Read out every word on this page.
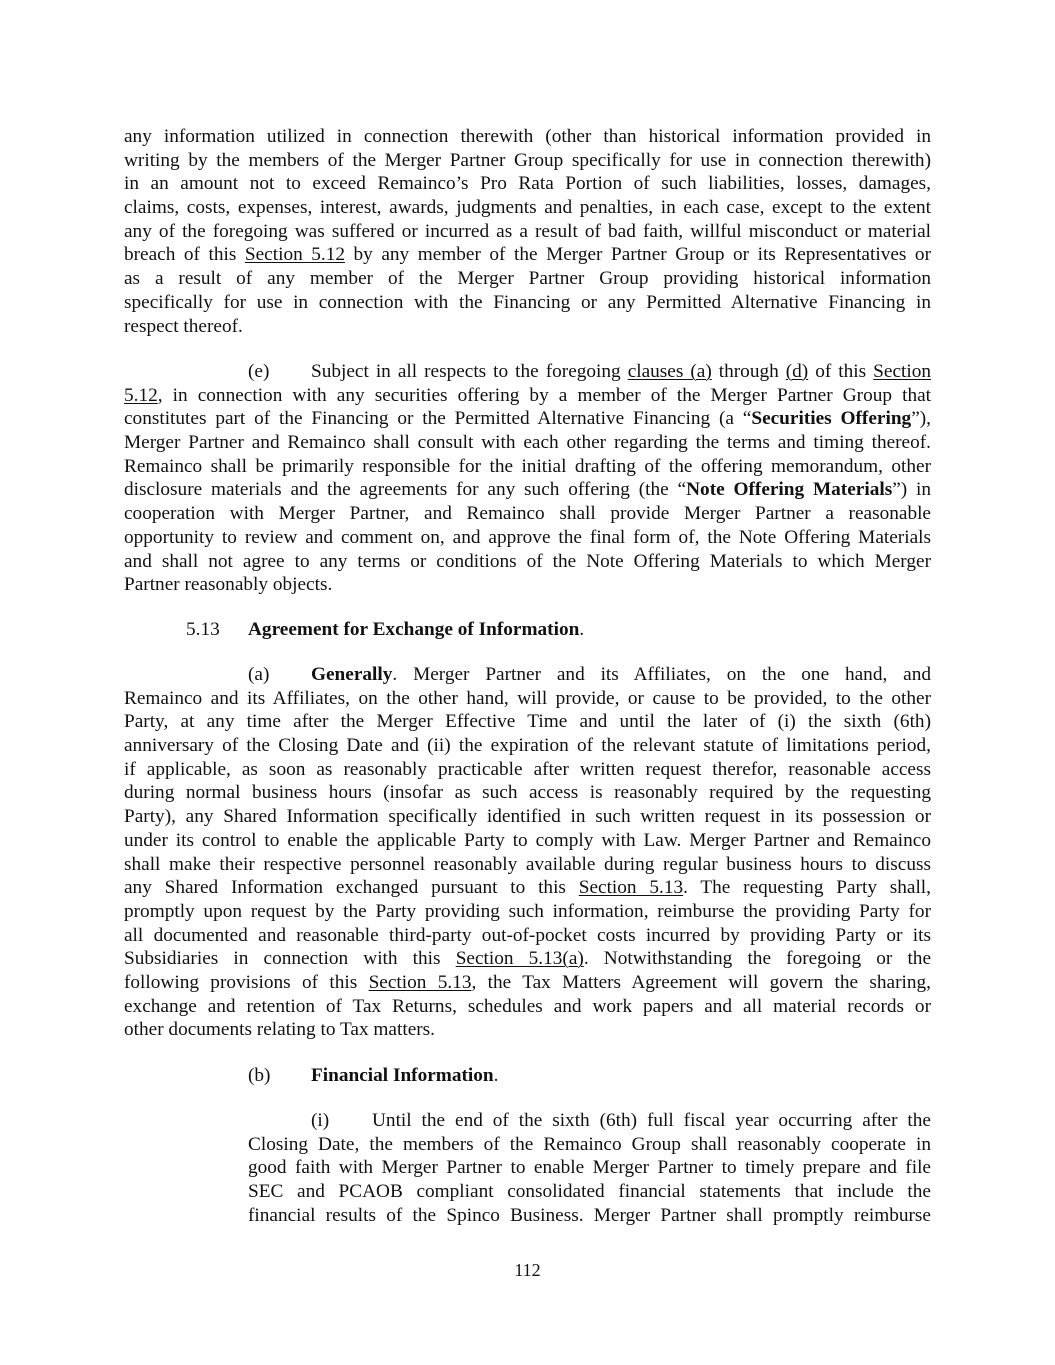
any information utilized in connection therewith (other than historical information provided in
writing by the members of the Merger Partner Group specifically for use in connection therewith)
in an amount not to exceed Remainco’s Pro Rata Portion of such liabilities, losses, damages,
claims, costs, expenses, interest, awards, judgments and penalties, in each case, except to the extent
any of the foregoing was suffered or incurred as a result of bad faith, willful misconduct or material
breach of this Section 5.12 by any member of the Merger Partner Group or its Representatives or
as a result of any member of the Merger Partner Group providing historical information
specifically for use in connection with the Financing or any Permitted Alternative Financing in
respect thereof.
(e) Subject in all respects to the foregoing clauses (a) through (d) of this Section
5.12, in connection with any securities offering by a member of the Merger Partner Group that
constitutes part of the Financing or the Permitted Alternative Financing (a “Securities Offering”),
Merger Partner and Remainco shall consult with each other regarding the terms and timing thereof.
Remainco shall be primarily responsible for the initial drafting of the offering memorandum, other
disclosure materials and the agreements for any such offering (the “Note Offering Materials”) in
cooperation with Merger Partner, and Remainco shall provide Merger Partner a reasonable
opportunity to review and comment on, and approve the final form of, the Note Offering Materials
and shall not agree to any terms or conditions of the Note Offering Materials to which Merger
Partner reasonably objects.
5.13 Agreement for Exchange of Information.
(a) Generally. Merger Partner and its Affiliates, on the one hand, and
Remainco and its Affiliates, on the other hand, will provide, or cause to be provided, to the other
Party, at any time after the Merger Effective Time and until the later of (i) the sixth (6th)
anniversary of the Closing Date and (ii) the expiration of the relevant statute of limitations period,
if applicable, as soon as reasonably practicable after written request therefor, reasonable access
during normal business hours (insofar as such access is reasonably required by the requesting
Party), any Shared Information specifically identified in such written request in its possession or
under its control to enable the applicable Party to comply with Law. Merger Partner and Remainco
shall make their respective personnel reasonably available during regular business hours to discuss
any Shared Information exchanged pursuant to this Section 5.13. The requesting Party shall,
promptly upon request by the Party providing such information, reimburse the providing Party for
all documented and reasonable third-party out-of-pocket costs incurred by providing Party or its
Subsidiaries in connection with this Section 5.13(a). Notwithstanding the foregoing or the
following provisions of this Section 5.13, the Tax Matters Agreement will govern the sharing,
exchange and retention of Tax Returns, schedules and work papers and all material records or
other documents relating to Tax matters.
(b) Financial Information.
(i) Until the end of the sixth (6th) full fiscal year occurring after the
Closing Date, the members of the Remainco Group shall reasonably cooperate in
good faith with Merger Partner to enable Merger Partner to timely prepare and file
SEC and PCAOB compliant consolidated financial statements that include the
financial results of the Spinco Business. Merger Partner shall promptly reimburse
112
